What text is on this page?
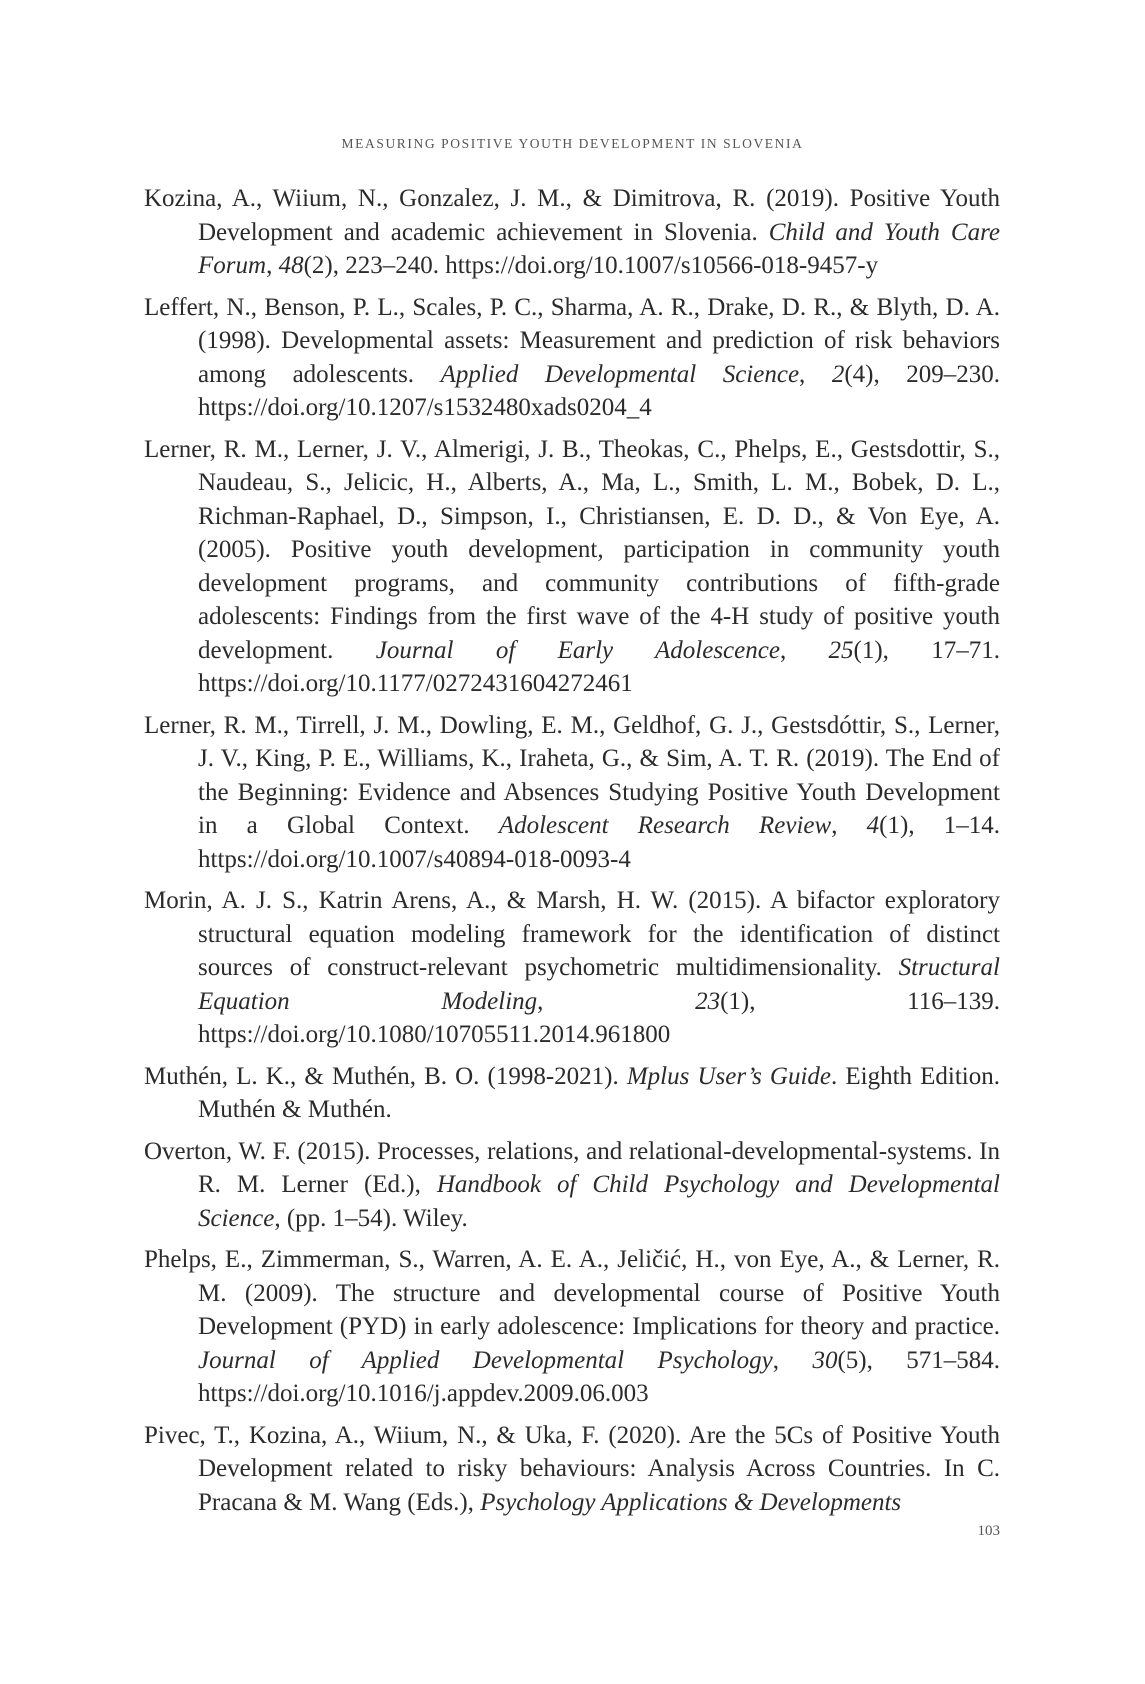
MEASURING POSITIVE YOUTH DEVELOPMENT IN SLOVENIA

Kozina, A., Wiium, N., Gonzalez, J. M., & Dimitrova, R. (2019). Positive Youth Development and academic achievement in Slovenia. Child and Youth Care Forum, 48(2), 223–240. https://doi.org/10.1007/s10566-018-9457-y

Leffert, N., Benson, P. L., Scales, P. C., Sharma, A. R., Drake, D. R., & Blyth, D. A. (1998). Developmental assets: Measurement and prediction of risk behaviors among adolescents. Applied Developmental Science, 2(4), 209–230. https://doi.org/10.1207/s1532480xads0204_4

Lerner, R. M., Lerner, J. V., Almerigi, J. B., Theokas, C., Phelps, E., Gestsdottir, S., Naudeau, S., Jelicic, H., Alberts, A., Ma, L., Smith, L. M., Bobek, D. L., Richman-Raphael, D., Simpson, I., Christiansen, E. D. D., & Von Eye, A. (2005). Positive youth development, participation in community youth development programs, and community contributions of fifth-grade adolescents: Findings from the first wave of the 4-H study of positive youth development. Journal of Early Adolescence, 25(1), 17–71. https://doi.org/10.1177/0272431604272461

Lerner, R. M., Tirrell, J. M., Dowling, E. M., Geldhof, G. J., Gestsdóttir, S., Lerner, J. V., King, P. E., Williams, K., Iraheta, G., & Sim, A. T. R. (2019). The End of the Beginning: Evidence and Absences Studying Positive Youth Development in a Global Context. Adolescent Research Review, 4(1), 1–14. https://doi.org/10.1007/s40894-018-0093-4

Morin, A. J. S., Katrin Arens, A., & Marsh, H. W. (2015). A bifactor exploratory structural equation modeling framework for the identification of distinct sources of construct-relevant psychometric multidimensionality. Structural Equation Modeling, 23(1), 116–139. https://doi.org/10.1080/10705511.2014.961800

Muthén, L. K., & Muthén, B. O. (1998-2021). Mplus User’s Guide. Eighth Edition. Muthén & Muthén.

Overton, W. F. (2015). Processes, relations, and relational-developmental-systems. In R. M. Lerner (Ed.), Handbook of Child Psychology and Developmental Science, (pp. 1–54). Wiley.

Phelps, E., Zimmerman, S., Warren, A. E. A., Jeličić, H., von Eye, A., & Lerner, R. M. (2009). The structure and developmental course of Positive Youth Development (PYD) in early adolescence: Implications for theory and practice. Journal of Applied Developmental Psychology, 30(5), 571–584. https://doi.org/10.1016/j.appdev.2009.06.003

Pivec, T., Kozina, A., Wiium, N., & Uka, F. (2020). Are the 5Cs of Positive Youth Development related to risky behaviours: Analysis Across Countries. In C. Pracana & M. Wang (Eds.), Psychology Applications & Developments

103
